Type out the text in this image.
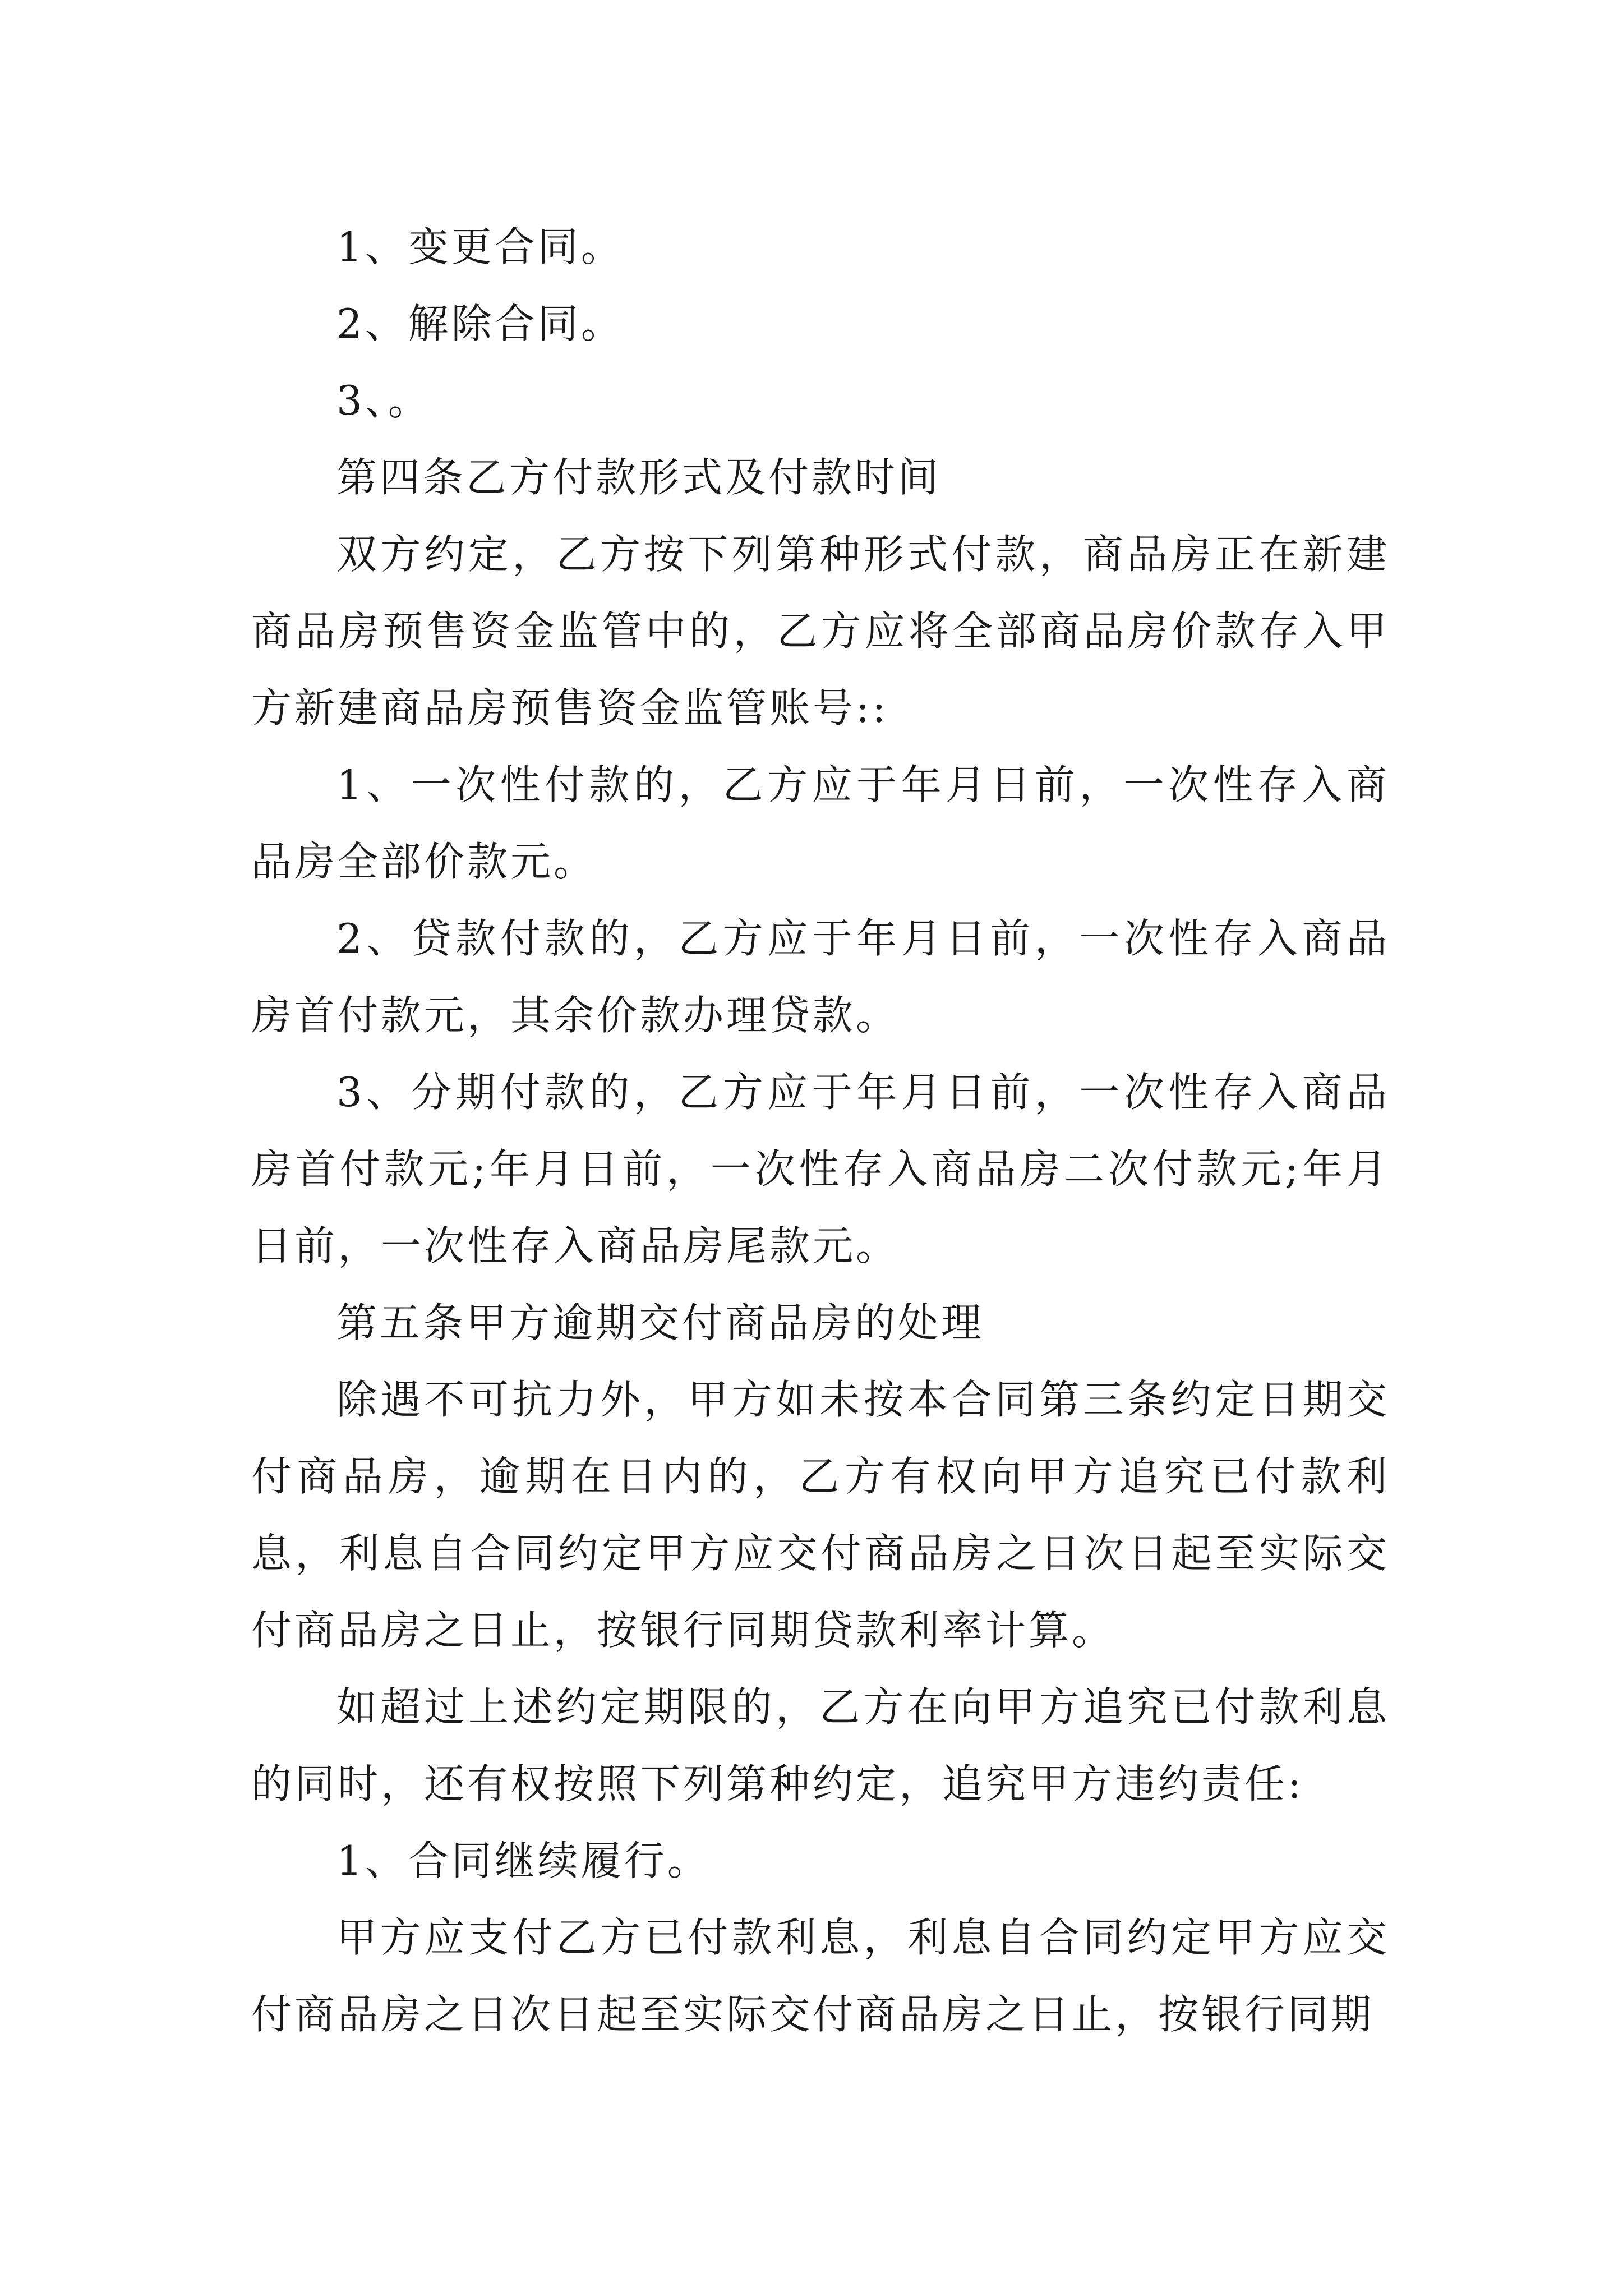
1、变更合同。

2、解除合同。

3、。

第四条乙方付款形式及付款时间

双方约定，乙方按下列第种形式付款，商品房正在新建商品房预售资金监管中的，乙方应将全部商品房价款存入甲方新建商品房预售资金监管账号::

1、一次性付款的，乙方应于年月日前，一次性存入商品房全部价款元。

2、贷款付款的，乙方应于年月日前，一次性存入商品房首付款元，其余价款办理贷款。

3、分期付款的，乙方应于年月日前，一次性存入商品房首付款元;年月日前，一次性存入商品房二次付款元;年月日前，一次性存入商品房尾款元。

第五条甲方逾期交付商品房的处理

除遇不可抗力外，甲方如未按本合同第三条约定日期交付商品房，逾期在日内的，乙方有权向甲方追究已付款利息，利息自合同约定甲方应交付商品房之日次日起至实际交付商品房之日止，按银行同期贷款利率计算。

如超过上述约定期限的，乙方在向甲方追究已付款利息的同时，还有权按照下列第种约定，追究甲方违约责任:

1、合同继续履行。

甲方应支付乙方已付款利息，利息自合同约定甲方应交付商品房之日次日起至实际交付商品房之日止，按银行同期
